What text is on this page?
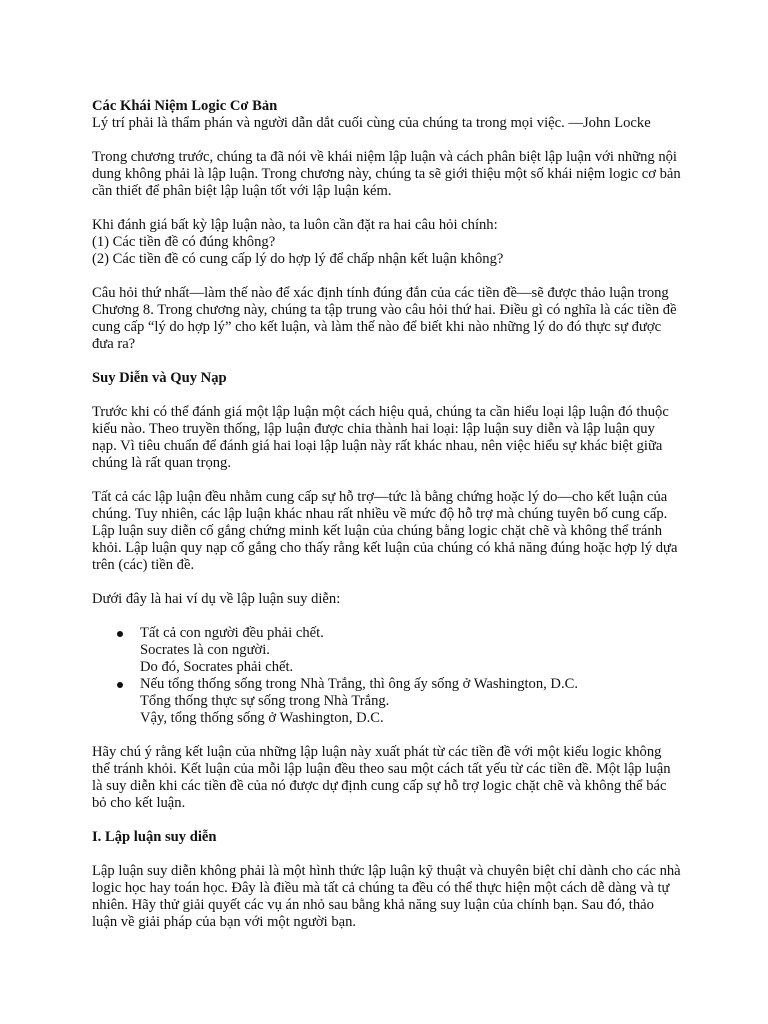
Các Khái Niệm Logic Cơ Bản

Lý trí phải là thẩm phán và người dẫn dắt cuối cùng của chúng ta trong mọi việc. —John Locke

Trong chương trước, chúng ta đã nói về khái niệm lập luận và cách phân biệt lập luận với những nội dung không phải là lập luận. Trong chương này, chúng ta sẽ giới thiệu một số khái niệm logic cơ bản cần thiết để phân biệt lập luận tốt với lập luận kém.

Khi đánh giá bất kỳ lập luận nào, ta luôn cần đặt ra hai câu hỏi chính:
(1) Các tiền đề có đúng không?
(2) Các tiền đề có cung cấp lý do hợp lý để chấp nhận kết luận không?

Câu hỏi thứ nhất—làm thế nào để xác định tính đúng đắn của các tiền đề—sẽ được thảo luận trong Chương 8. Trong chương này, chúng ta tập trung vào câu hỏi thứ hai. Điều gì có nghĩa là các tiền đề cung cấp “lý do hợp lý” cho kết luận, và làm thế nào để biết khi nào những lý do đó thực sự được đưa ra?

Suy Diễn và Quy Nạp

Trước khi có thể đánh giá một lập luận một cách hiệu quả, chúng ta cần hiểu loại lập luận đó thuộc kiểu nào. Theo truyền thống, lập luận được chia thành hai loại: lập luận suy diễn và lập luận quy nạp. Vì tiêu chuẩn để đánh giá hai loại lập luận này rất khác nhau, nên việc hiểu sự khác biệt giữa chúng là rất quan trọng.

Tất cả các lập luận đều nhằm cung cấp sự hỗ trợ—tức là bằng chứng hoặc lý do—cho kết luận của chúng. Tuy nhiên, các lập luận khác nhau rất nhiều về mức độ hỗ trợ mà chúng tuyên bố cung cấp. Lập luận suy diễn cố gắng chứng minh kết luận của chúng bằng logic chặt chẽ và không thể tránh khỏi. Lập luận quy nạp cố gắng cho thấy rằng kết luận của chúng có khả năng đúng hoặc hợp lý dựa trên (các) tiền đề.

Dưới đây là hai ví dụ về lập luận suy diễn:

Tất cả con người đều phải chết.
Socrates là con người.
Do đó, Socrates phải chết.
Nếu tổng thống sống trong Nhà Trắng, thì ông ấy sống ở Washington, D.C.
Tổng thống thực sự sống trong Nhà Trắng.
Vậy, tổng thống sống ở Washington, D.C.

Hãy chú ý rằng kết luận của những lập luận này xuất phát từ các tiền đề với một kiểu logic không thể tránh khỏi. Kết luận của mỗi lập luận đều theo sau một cách tất yếu từ các tiền đề. Một lập luận là suy diễn khi các tiền đề của nó được dự định cung cấp sự hỗ trợ logic chặt chẽ và không thể bác bỏ cho kết luận.

I. Lập luận suy diễn

Lập luận suy diễn không phải là một hình thức lập luận kỹ thuật và chuyên biệt chỉ dành cho các nhà logic học hay toán học. Đây là điều mà tất cả chúng ta đều có thể thực hiện một cách dễ dàng và tự nhiên. Hãy thử giải quyết các vụ án nhỏ sau bằng khả năng suy luận của chính bạn. Sau đó, thảo luận về giải pháp của bạn với một người bạn.
